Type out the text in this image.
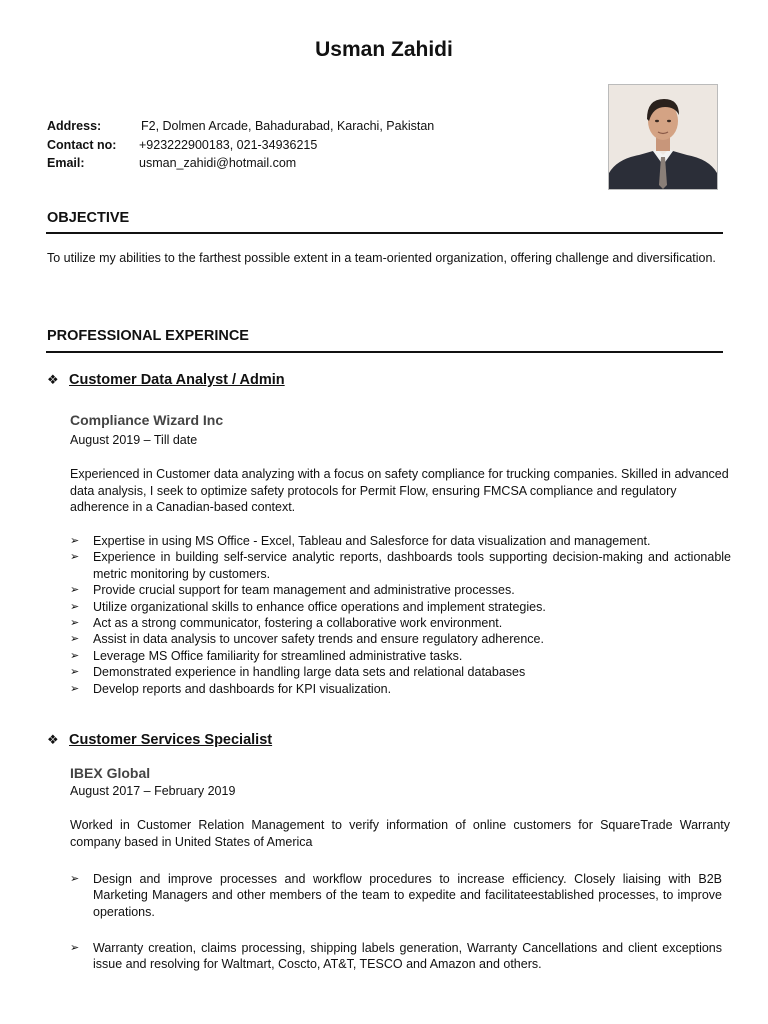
Usman Zahidi
Address:	F2, Dolmen Arcade, Bahadurabad, Karachi, Pakistan
Contact no: +923222900183, 021-34936215
Email:	usman_zahidi@hotmail.com
OBJECTIVE
To utilize my abilities to the farthest possible extent in a team-oriented organization, offering challenge and diversification.
PROFESSIONAL EXPERINCE
❖ Customer Data Analyst / Admin
Compliance Wizard Inc
August 2019 – Till date
Experienced in Customer data analyzing with a focus on safety compliance for trucking companies. Skilled in advanced data analysis, I seek to optimize safety protocols for Permit Flow, ensuring FMCSA compliance and regulatory adherence in a Canadian-based context.
➢ Expertise in using MS Office - Excel, Tableau and Salesforce for data visualization and management.
➢ Experience in building self-service analytic reports, dashboards tools supporting decision-making and actionable metric monitoring by customers.
➢ Provide crucial support for team management and administrative processes.
➢ Utilize organizational skills to enhance office operations and implement strategies.
➢ Act as a strong communicator, fostering a collaborative work environment.
➢ Assist in data analysis to uncover safety trends and ensure regulatory adherence.
➢ Leverage MS Office familiarity for streamlined administrative tasks.
➢ Demonstrated experience in handling large data sets and relational databases
➢ Develop reports and dashboards for KPI visualization.
❖ Customer Services Specialist
IBEX Global
August 2017 – February 2019
Worked in Customer Relation Management to verify information of online customers for SquareTrade Warranty company based in United States of America
➢ Design and improve processes and workflow procedures to increase efficiency. Closely liaising with B2B Marketing Managers and other members of the team to expedite and facilitateestablished processes, to improve operations.
➢ Warranty creation, claims processing, shipping labels generation, Warranty Cancellations and client exceptions issue and resolving for Waltmart, Coscto, AT&T, TESCO and Amazon and others.
